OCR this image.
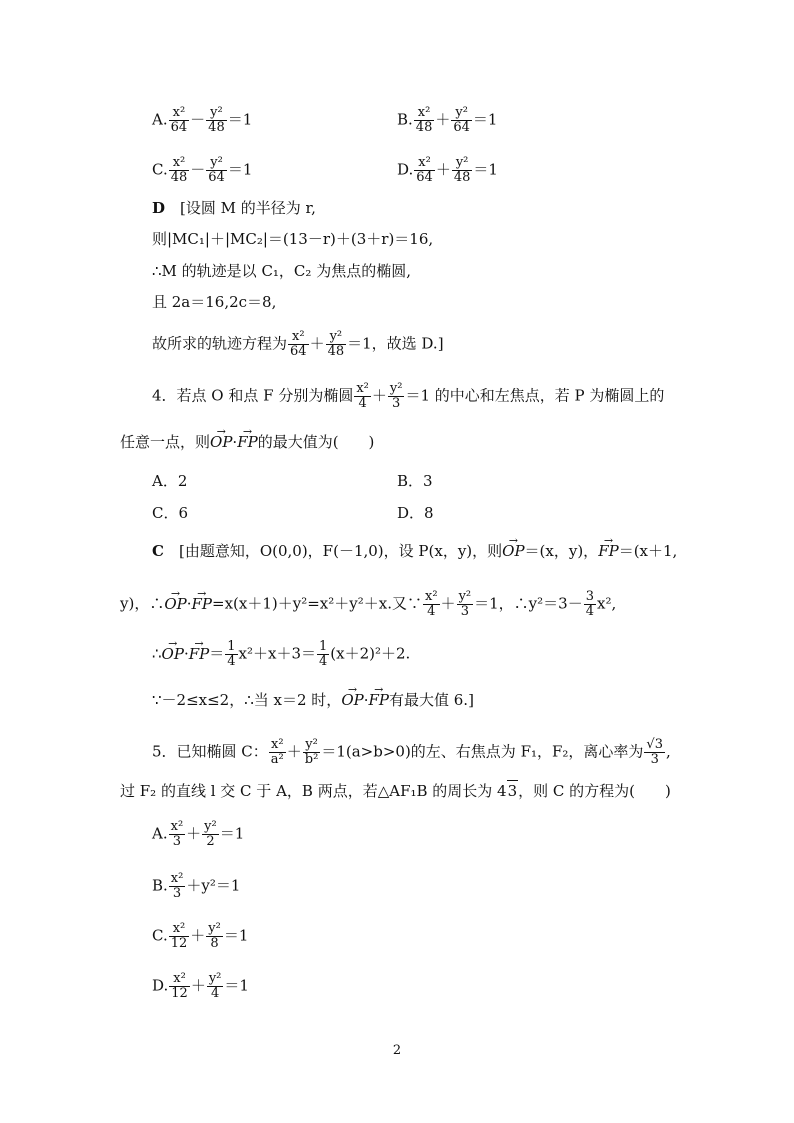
A. $\frac{\text{x²}}{64} - \frac{\text{y²}}{48} =1$	B. $\frac{\text{x²}}{48} + \frac{\text{y²}}{64} =1$
C. $\frac{\text{x²}}{48} - \frac{\text{y²}}{64} =1$	D. $\frac{\text{x²}}{64} + \frac{\text{y²}}{48} =1$
D　 [设圆 M 的半径为 r,
则|MC₁|＋|MC₂|＝(13－r)＋(3＋r)＝16,
∴M 的轨迹是以 C₁，C₂ 为焦点的椭圆,
且 2a＝16,2c＝8,
故所求的轨迹方程为 $\frac{\text{x²}}{64} + \frac{\text{y²}}{48} =1$，故选 D.]
4．若点 O 和点 F 分别为椭圆 $\frac{\text{x²}}{4} + \frac{\text{y²}}{3} =1$ 的中心和左焦点，若 P 为椭圆上的
任意一点，则→ OP·→ FP的最大值为(　　)
A．2	B．3
C．6	D．8
C　 [由题意知，O(0,0)，F(－1,0)，设 P(x，y)，则→ OP＝(x，y)，→ FP＝(x＋1,
y)，∴→ OP·→ FP=x(x＋1)＋y²=x²＋y²＋x.又∵ $\frac{\text{x²}}{4} + \frac{\text{y²}}{3} =1$，∴y²＝3－ $\frac{3}{4} x^2$,
∴→ $OP\cdot\to FP= \frac{1}{4} x^2+x+3= \frac{1}{4} (x+2)^2+2$.
∵－2≤x≤2，∴当 x＝2 时，→ OP·→ FP有最大值 6.]
5．已知椭圆 C： $\frac{\text{x²}}{\text{a²}} + \frac{\text{y²}}{\text{b²}} =1(a>b>0)$的左、右焦点为 F₁，F₂，离心率为 $\frac{√3}{3}$ ,
过 F₂ 的直线 l 交 C 于 A，B 两点，若△AF₁B 的周长为 43，则 C 的方程为(　　)
A. $\frac{\text{x²}}{3} + \frac{\text{y²}}{2} =1$
B. $\frac{\text{x²}}{3} +y^2=1$
C. $\frac{\text{x²}}{12} + \frac{\text{y²}}{8} =1$
D. $\frac{\text{x²}}{12} + \frac{\text{y²}}{4} =1$
2
